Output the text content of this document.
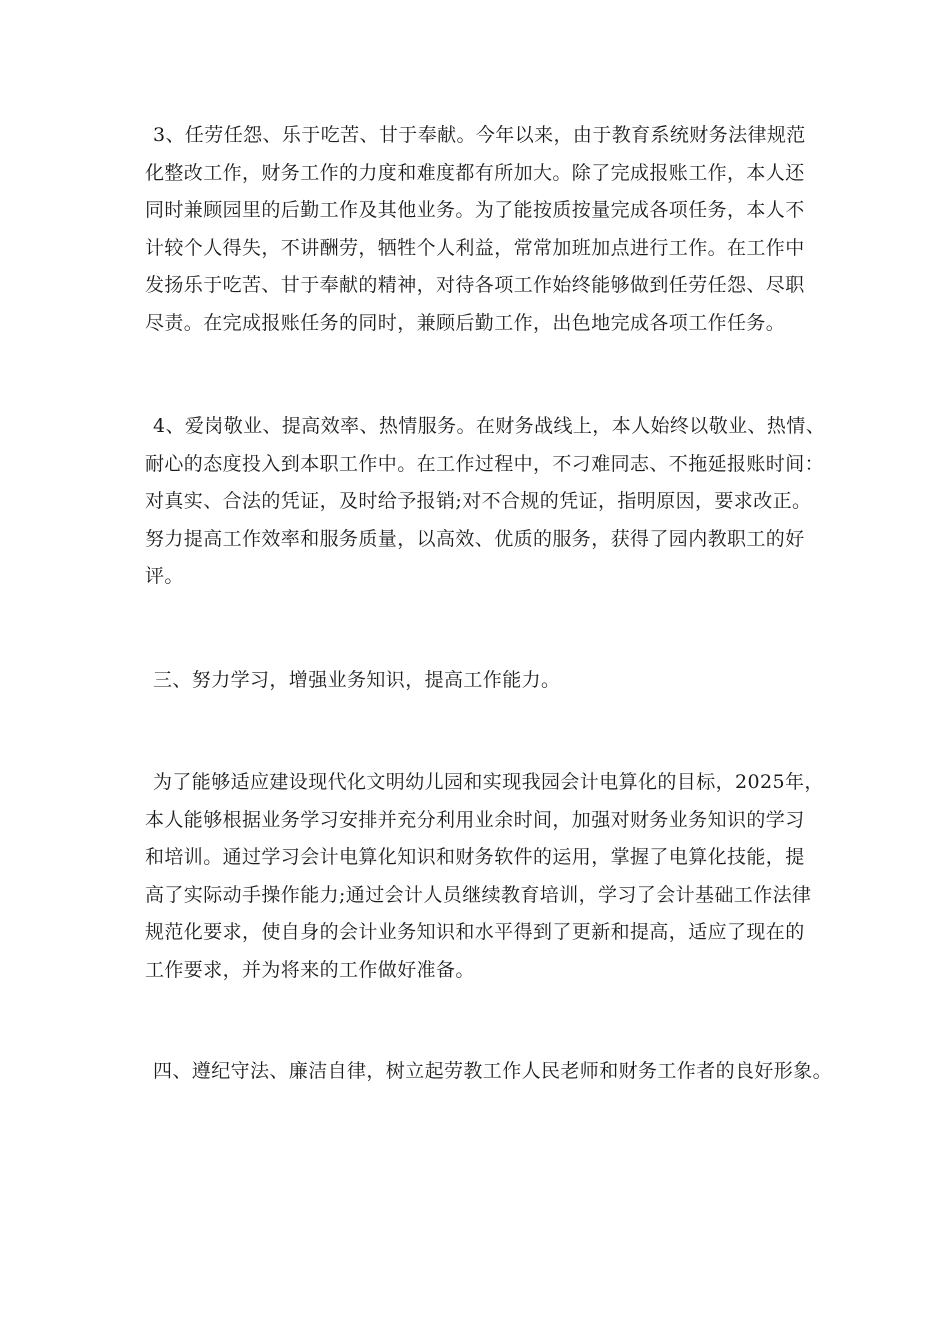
3、任劳任怨、乐于吃苦、甘于奉献。今年以来，由于教育系统财务法律规范
化整改工作，财务工作的力度和难度都有所加大。除了完成报账工作，本人还
同时兼顾园里的后勤工作及其他业务。为了能按质按量完成各项任务，本人不
计较个人得失，不讲酬劳，牺牲个人利益，常常加班加点进行工作。在工作中
发扬乐于吃苦、甘于奉献的精神，对待各项工作始终能够做到任劳任怨、尽职
尽责。在完成报账任务的同时，兼顾后勤工作，出色地完成各项工作任务。
4、爱岗敬业、提高效率、热情服务。在财务战线上，本人始终以敬业、热情、
耐心的态度投入到本职工作中。在工作过程中，不刁难同志、不拖延报账时间：
对真实、合法的凭证，及时给予报销;对不合规的凭证，指明原因，要求改正。
努力提高工作效率和服务质量，以高效、优质的服务，获得了园内教职工的好
评。
三、努力学习，增强业务知识，提高工作能力。
为了能够适应建设现代化文明幼儿园和实现我园会计电算化的目标，2025年，
本人能够根据业务学习安排并充分利用业余时间，加强对财务业务知识的学习
和培训。通过学习会计电算化知识和财务软件的运用，掌握了电算化技能，提
高了实际动手操作能力;通过会计人员继续教育培训，学习了会计基础工作法律
规范化要求，使自身的会计业务知识和水平得到了更新和提高，适应了现在的
工作要求，并为将来的工作做好准备。
四、遵纪守法、廉洁自律，树立起劳教工作人民老师和财务工作者的良好形象。
